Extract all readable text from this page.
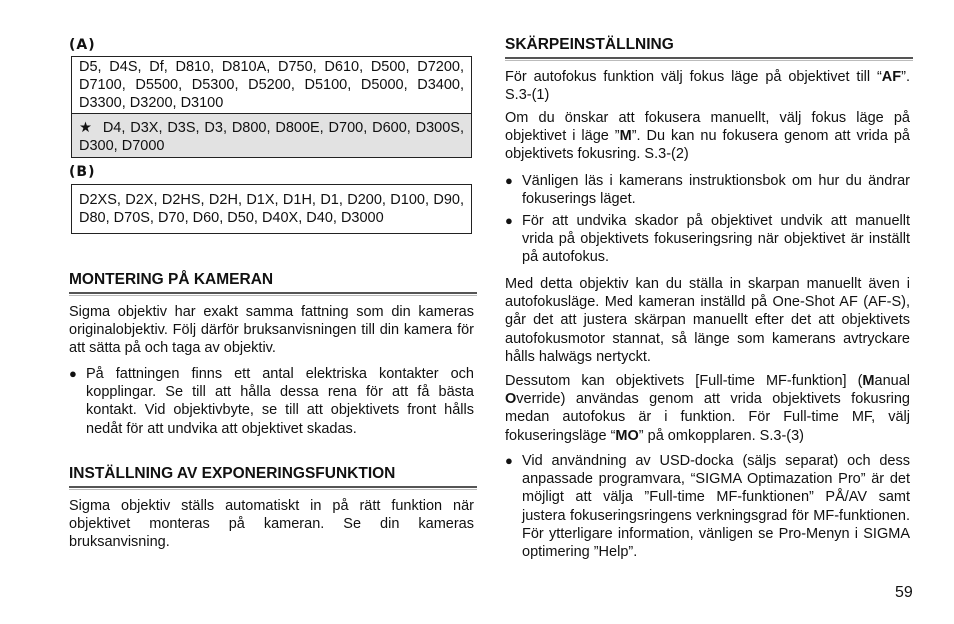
(A)
D5, D4S, Df, D810, D810A, D750, D610, D500, D7200, D7100, D5500, D5300, D5200, D5100, D5000, D3400, D3300, D3200, D3100
★ D4, D3X, D3S, D3, D800, D800E, D700, D600, D300S, D300, D7000
(B)
D2XS, D2X, D2HS, D2H, D1X, D1H, D1, D200, D100, D90, D80, D70S, D70, D60, D50, D40X, D40, D3000
MONTERING PÅ KAMERAN
Sigma objektiv har exakt samma fattning som din kameras originalobjektiv. Följ därför bruksanvisningen till din kamera för att sätta på och taga av objektiv.
● På fattningen finns ett antal elektriska kontakter och kopplingar. Se till att hålla dessa rena för att få bästa kontakt. Vid objektivbyte, se till att objektivets front hålls nedåt för att undvika att objektivet skadas.
INSTÄLLNING AV EXPONERINGSFUNKTION
Sigma objektiv ställs automatiskt in på rätt funktion när objektivet monteras på kameran. Se din kameras bruksanvisning.
SKÄRPEINSTÄLLNING
För autofokus funktion välj fokus läge på objektivet till “AF”. S.3-(1)
Om du önskar att fokusera manuellt, välj fokus läge på objektivet i läge ”M”. Du kan nu fokusera genom att vrida på objektivets fokusring. S.3-(2)
● Vänligen läs i kamerans instruktionsbok om hur du ändrar fokuserings läget.
● För att undvika skador på objektivet undvik att manuellt vrida på objektivets fokuseringsring när objektivet är inställt på autofokus.
Med detta objektiv kan du ställa in skarpan manuellt även i autofokusläge. Med kameran inställd på One-Shot AF (AF-S), går det att justera skärpan manuellt efter det att objektivets autofokusmotor stannat, så länge som kamerans avtryckare hålls halwägs nertyckt.
Dessutom kan objektivets [Full-time MF-funktion] (Manual Override) användas genom att vrida objektivets fokusring medan autofokus är i funktion. För Full-time MF, välj fokuseringsläge “MO” på omkopplaren. S.3-(3)
● Vid användning av USD-docka (säljs separat) och dess anpassade programvara, “SIGMA Optimazation Pro” är det möjligt att välja ”Full-time MF-funktionen” PÅ/AV samt justera fokuseringsringens verkningsgrad för MF-funktionen. För ytterligare information, vänligen se Pro-Menyn i SIGMA optimering ”Help”.
59
